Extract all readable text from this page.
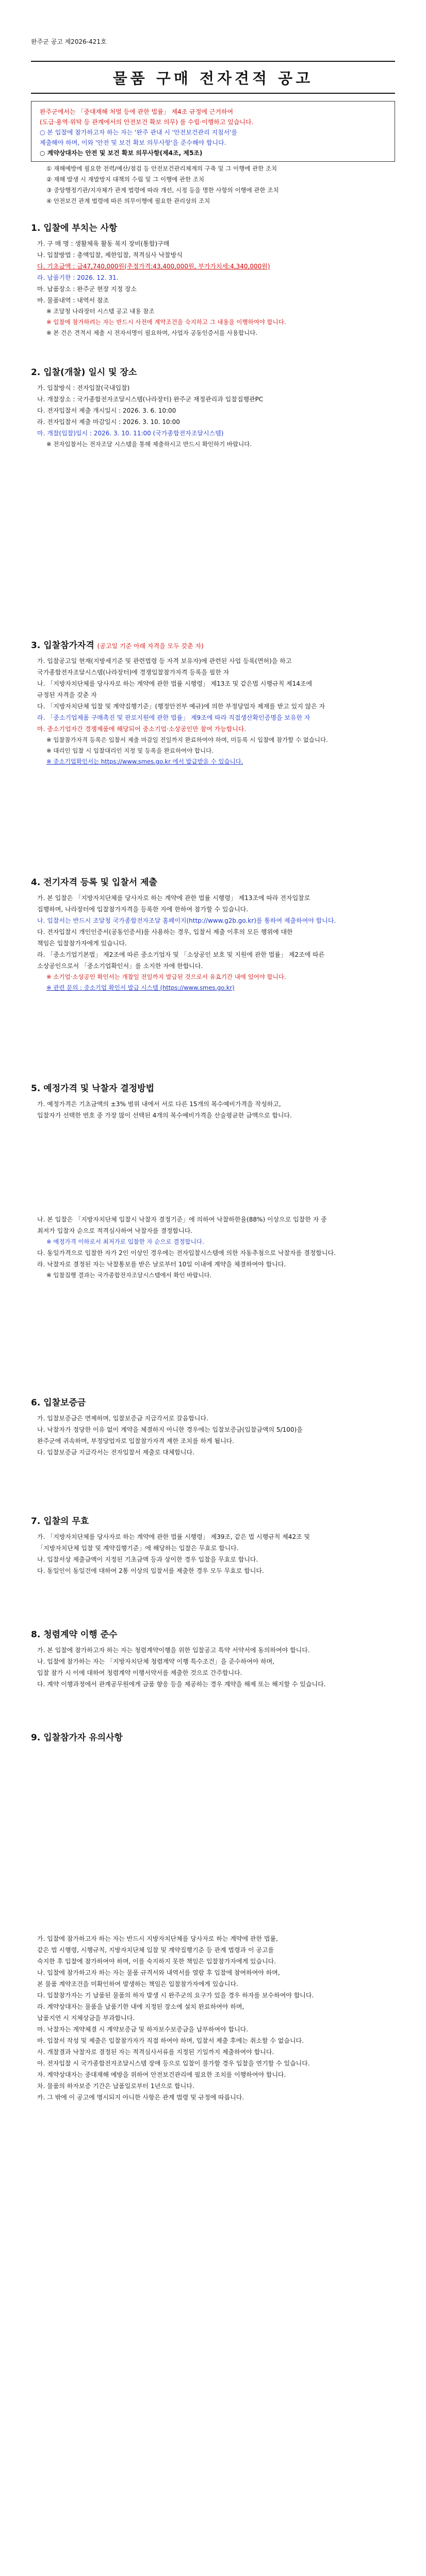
완주군 공고 제2026-421호
물품 구매 전자견적 공고
완주군에서는 「중대재해 처벌 등에 관한 법률」 제4조 규정에 근거하여
(도급·용역·위탁 등 관계에서의 안전보건 확보 의무) 를 수립·이행하고 있습니다.
○ 본 입찰에 참가하고자 하는 자는 '완주 관내 시 '안전보건관리 지침서'를
제출해야 하며, 이와 '안전 및 보건 확보 의무사항'을 준수해야 합니다.
○ 계약상대자는 안전 및 보건 확보 의무사항(제4조, 제5조)
① 재해예방에 필요한 전력/예산/점검 등 안전보건관리체계의 구축 및 그 이행에 관한 조치
② 재해 발생 시 재발방지 대책의 수립 및 그 이행에 관한 조치
③ 중앙행정기관/지자체가 관계 법령에 따라 개선, 시정 등을 명한 사항의 이행에 관한 조치
④ 안전보건 관계 법령에 따른 의무이행에 필요한 관리상의 조치
1. 입찰에 부치는 사항
가. 구 매 명 : 생활체육 활동 복지 장비(통합)구매
나. 입찰방법 : 총액입찰, 제한입찰, 적격심사 낙찰방식
다. 기초금액 : 금47,740,000원(추정가격:43,400,000원, 부가가치세:4,340,000원)
라. 납품기한 : 2026. 12. 31.
마. 납품장소 : 완주군 현장 지정 장소
바. 물품내역 : 내역서 참조
※ 조달청 나라장터 시스템 공고 내용 참조
※ 입찰에 참가하려는 자는 반드시 사전에 계약조건을 숙지하고 그 내용을 이행하여야 합니다.
※ 본 건은 견적서 제출 시 전자서명이 필요하며, 사업자 공동인증서를 사용합니다.
2. 입찰(개찰) 일시 및 장소
가. 입찰방식 : 전자입찰(국내입찰)
나. 개찰장소 : 국가종합전자조달시스템(나라장터) 완주군 재정관리과 입찰집행관PC
다. 전자입찰서 제출 개시일시 : 2026. 3. 6. 10:00
라. 전자입찰서 제출 마감일시 : 2026. 3. 10. 10:00
마. 개찰(입찰)일시 : 2026. 3. 10. 11:00 (국가종합전자조달시스템)
※ 전자입찰서는 전자조달 시스템을 통해 제출하시고 반드시 확인하기 바랍니다.
3. 입찰참가자격 (공고일 기준 아래 자격을 모두 갖춘 자)
가. 입찰공고일 현재(지방세기준 및 관련법령 등 자격 보유자)에 관련된 사업 등록(면허)을 하고
국가종합전자조달시스템(나라장터)에 경쟁입찰참가자격 등록을 필한 자
나. 「지방자치단체를 당사자로 하는 계약에 관한 법률 시행령」 제13조 및 같은법 시행규칙 제14조에
규정된 자격을 갖춘 자
다. 「지방자치단체 입찰 및 계약집행기준」(행정안전부 예규)에 의한 부정당업자 제재를 받고 있지 않은 자
라. 「중소기업제품 구매촉진 및 판로지원에 관한 법률」 제9조에 따라 직접생산확인증명을 보유한 자
마. 중소기업자간 경쟁제품에 해당되어 중소기업·소상공인만 참여 가능합니다.
※ 입찰참가자격 등록은 입찰서 제출 마감일 전일까지 완료하여야 하며, 미등록 시 입찰에 참가할 수 없습니다.
※ 대리인 입찰 시 입찰대리인 지정 및 등록을 완료하여야 합니다.
※ 중소기업확인서는 https://www.smes.go.kr 에서 발급받을 수 있습니다.
4. 전기자격 등록 및 입찰서 제출
가. 본 입찰은 「지방자치단체를 당사자로 하는 계약에 관한 법률 시행령」 제13조에 따라 전자입찰로
집행하며, 나라장터에 입찰참가자격을 등록한 자에 한하여 참가할 수 있습니다.
나. 입찰서는 반드시 조달청 국가종합전자조달 홈페이지(http://www.g2b.go.kr)를 통하여 제출하여야 합니다.
다. 전자입찰시 개인인증서(공동인증서)를 사용하는 경우, 입찰서 제출 이후의 모든 행위에 대한
책임은 입찰참가자에게 있습니다.
라. 「중소기업기본법」 제2조에 따른 중소기업자 및 「소상공인 보호 및 지원에 관한 법률」 제2조에 따른
소상공인으로서 「중소기업확인서」를 소지한 자에 한합니다.
※ 소기업·소상공인 확인서는 개찰일 전일까지 발급된 것으로서 유효기간 내에 있어야 합니다.
※ 관련 문의 : 중소기업 확인서 발급 시스템 (https://www.smes.go.kr)
5. 예정가격 및 낙찰자 결정방법
가. 예정가격은 기초금액의 ±3% 범위 내에서 서로 다른 15개의 복수예비가격을 작성하고,
입찰자가 선택한 번호 중 가장 많이 선택된 4개의 복수예비가격을 산술평균한 금액으로 합니다.
나. 본 입찰은 「지방자치단체 입찰시 낙찰자 결정기준」에 의하여 낙찰하한율(88%) 이상으로 입찰한 자 중
최저가 입찰자 순으로 적격심사하여 낙찰자를 결정합니다.
※ 예정가격 이하로서 최저가로 입찰한 자 순으로 결정합니다.
다. 동일가격으로 입찰한 자가 2인 이상인 경우에는 전자입찰시스템에 의한 자동추첨으로 낙찰자를 결정합니다.
라. 낙찰자로 결정된 자는 낙찰통보를 받은 날로부터 10일 이내에 계약을 체결하여야 합니다.
※ 입찰집행 결과는 국가종합전자조달시스템에서 확인 바랍니다.
6. 입찰보증금
가. 입찰보증금은 면제하며, 입찰보증금 지급각서로 갈음합니다.
나. 낙찰자가 정당한 이유 없이 계약을 체결하지 아니한 경우에는 입찰보증금(입찰금액의 5/100)을
완주군에 귀속하며, 부정당업자로 입찰참가자격 제한 조치를 하게 됩니다.
다. 입찰보증금 지급각서는 전자입찰서 제출로 대체합니다.
7. 입찰의 무효
가. 「지방자치단체를 당사자로 하는 계약에 관한 법률 시행령」 제39조, 같은 법 시행규칙 제42조 및
「지방자치단체 입찰 및 계약집행기준」에 해당하는 입찰은 무효로 합니다.
나. 입찰서상 제출금액이 지정된 기초금액 등과 상이한 경우 입찰을 무효로 합니다.
다. 동일인이 동일건에 대하여 2통 이상의 입찰서를 제출한 경우 모두 무효로 합니다.
8. 청렴계약 이행 준수
가. 본 입찰에 참가하고자 하는 자는 청렴계약이행을 위한 입찰공고 특약 서약서에 동의하여야 합니다.
나. 입찰에 참가하는 자는 「지방자치단체 청렴계약 이행 특수조건」을 준수하여야 하며,
입찰 참가 시 이에 대하여 청렴계약 이행서약서를 제출한 것으로 간주합니다.
다. 계약 이행과정에서 관계공무원에게 금품 향응 등을 제공하는 경우 계약을 해제 또는 해지할 수 있습니다.
9. 입찰참가자 유의사항
가. 입찰에 참가하고자 하는 자는 반드시 지방자치단체를 당사자로 하는 계약에 관한 법률,
같은 법 시행령, 시행규칙, 지방자치단체 입찰 및 계약집행기준 등 관계 법령과 이 공고를
숙지한 후 입찰에 참가하여야 하며, 이를 숙지하지 못한 책임은 입찰참가자에게 있습니다.
나. 입찰에 참가하고자 하는 자는 물품 규격서와 내역서를 열람 후 입찰에 참여하여야 하며,
본 물품 계약조건을 미확인하여 발생하는 책임은 입찰참가자에게 있습니다.
다. 입찰참가자는 기 납품된 물품의 하자 발생 시 완주군의 요구가 있을 경우 하자를 보수하여야 합니다.
라. 계약상대자는 물품을 납품기한 내에 지정된 장소에 설치 완료하여야 하며,
납품지연 시 지체상금을 부과합니다.
마. 낙찰자는 계약체결 시 계약보증금 및 하자보수보증금을 납부하여야 합니다.
바. 입찰서 작성 및 제출은 입찰참가자가 직접 하여야 하며, 입찰서 제출 후에는 취소할 수 없습니다.
사. 개찰결과 낙찰자로 결정된 자는 적격심사서류를 지정된 기일까지 제출하여야 합니다.
아. 전자입찰 시 국가종합전자조달시스템 장애 등으로 입찰이 불가할 경우 입찰을 연기할 수 있습니다.
자. 계약상대자는 중대재해 예방을 위하여 안전보건관리에 필요한 조치를 이행하여야 합니다.
차. 물품의 하자보증 기간은 납품일로부터 1년으로 합니다.
카. 그 밖에 이 공고에 명시되지 아니한 사항은 관계 법령 및 규정에 따릅니다.
